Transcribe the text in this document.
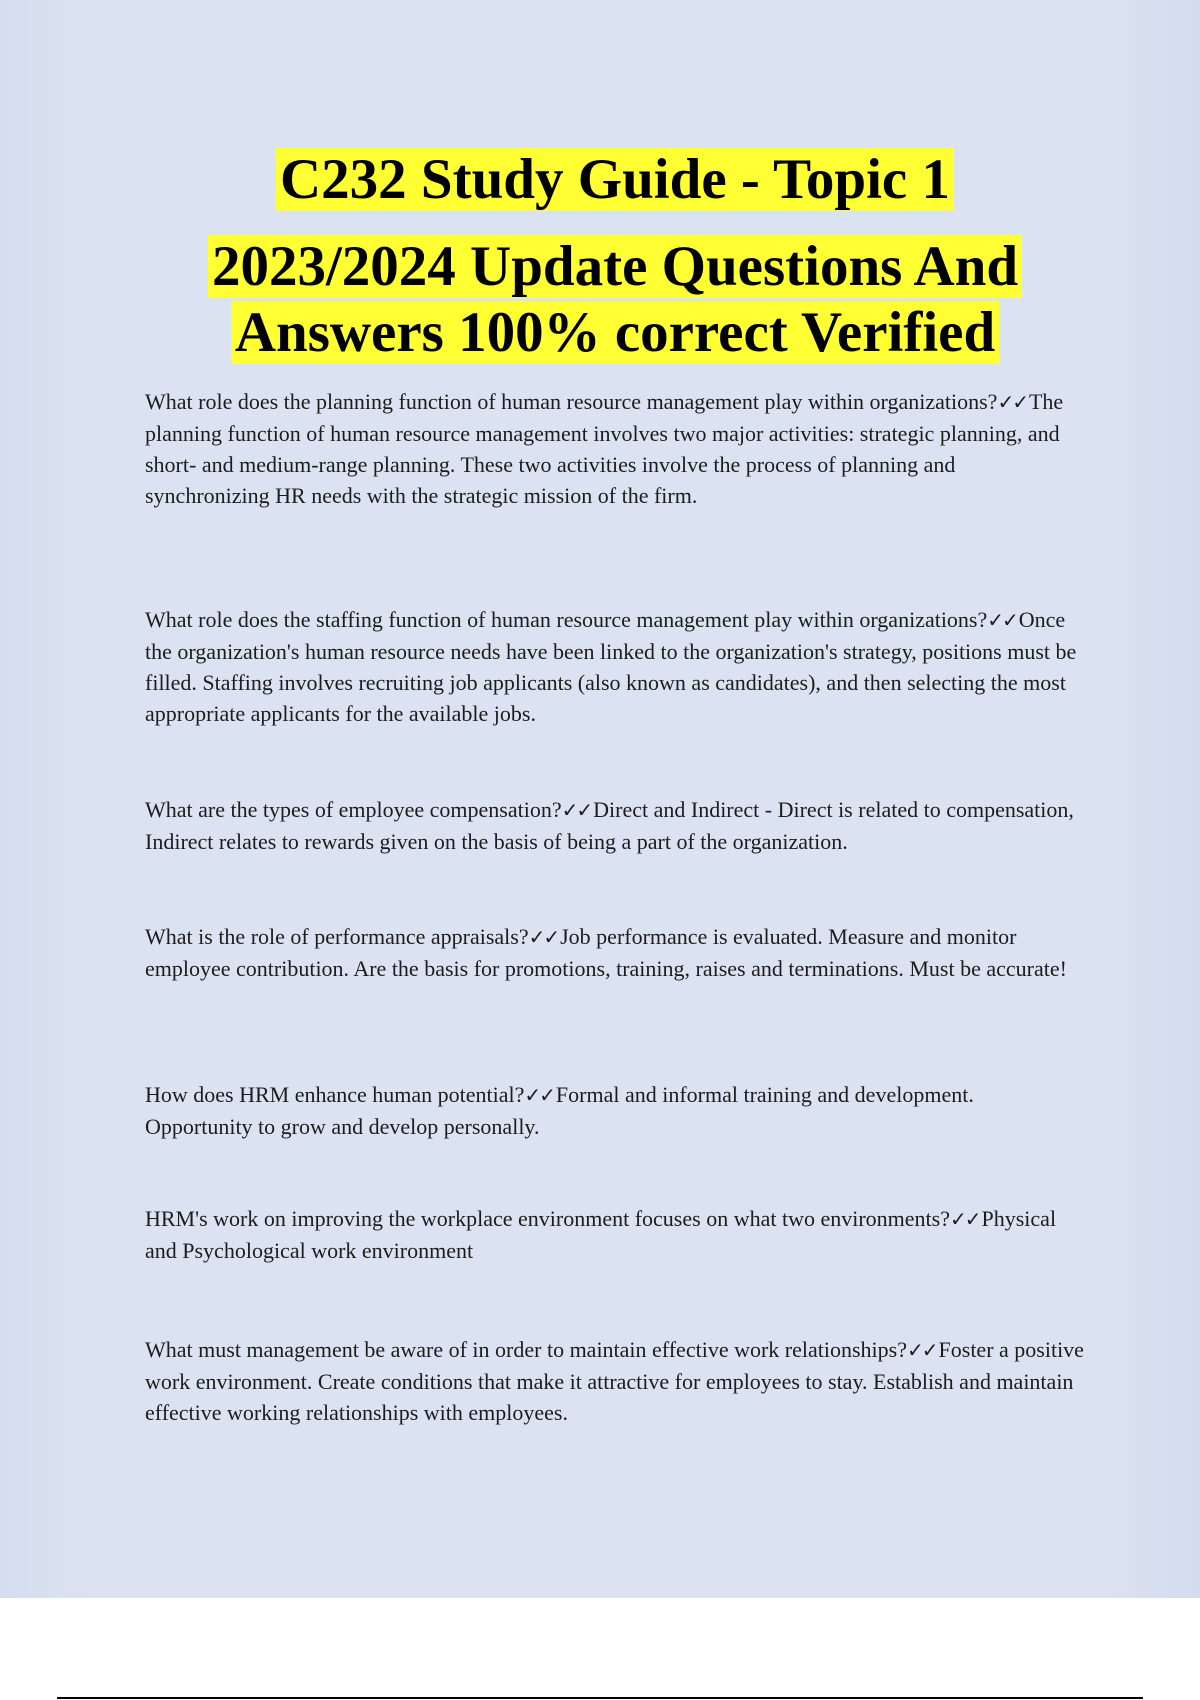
C232 Study Guide - Topic 1
2023/2024 Update Questions And Answers 100% correct Verified

What role does the planning function of human resource management play within organizations?✓✓The planning function of human resource management involves two major activities: strategic planning, and short- and medium-range planning. These two activities involve the process of planning and synchronizing HR needs with the strategic mission of the firm.

What role does the staffing function of human resource management play within organizations?✓✓Once the organization's human resource needs have been linked to the organization's strategy, positions must be filled. Staffing involves recruiting job applicants (also known as candidates), and then selecting the most appropriate applicants for the available jobs.

What are the types of employee compensation?✓✓Direct and Indirect - Direct is related to compensation, Indirect relates to rewards given on the basis of being a part of the organization.

What is the role of performance appraisals?✓✓Job performance is evaluated. Measure and monitor employee contribution. Are the basis for promotions, training, raises and terminations. Must be accurate!

How does HRM enhance human potential?✓✓Formal and informal training and development. Opportunity to grow and develop personally.

HRM's work on improving the workplace environment focuses on what two environments?✓✓Physical and Psychological work environment

What must management be aware of in order to maintain effective work relationships?✓✓Foster a positive work environment. Create conditions that make it attractive for employees to stay. Establish and maintain effective working relationships with employees.
